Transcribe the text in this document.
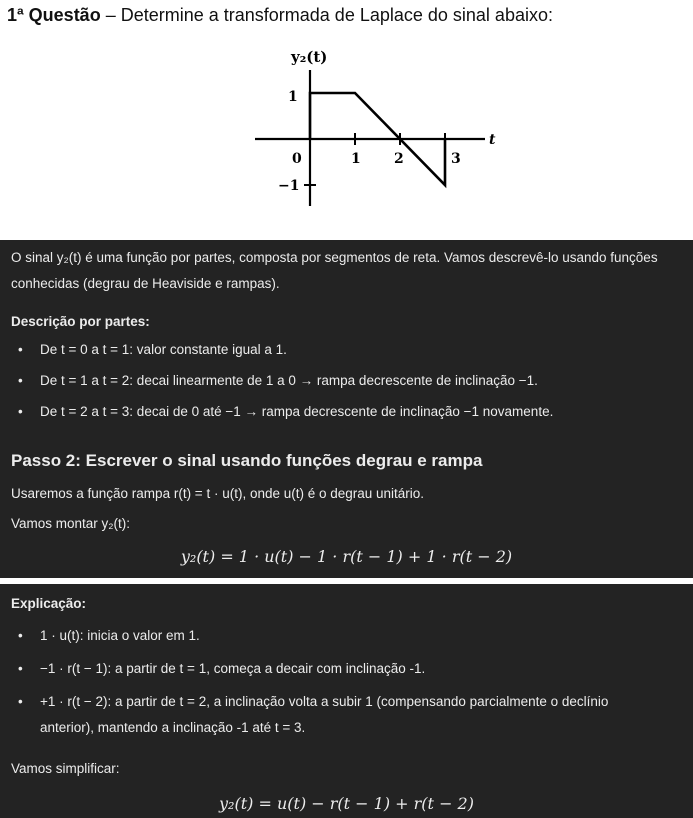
1ª Questão – Determine a transformada de Laplace do sinal abaixo:
y₂(t)
t
1
−1
0	1 2	3
O sinal y₂(t) é uma função por partes, composta por segmentos de reta. Vamos descrevê-lo usando funções
conhecidas (degrau de Heaviside e rampas).
Descrição por partes:
• De t = 0 a t = 1: valor constante igual a 1.
• De t = 1 a t = 2: decai linearmente de 1 a 0 → rampa decrescente de inclinação −1.
• De t = 2 a t = 3: decai de 0 até −1 → rampa decrescente de inclinação −1 novamente.
Passo 2: Escrever o sinal usando funções degrau e rampa
Usaremos a função rampa r(t) = t · u(t), onde u(t) é o degrau unitário.
Vamos montar y₂(t):
y₂(t) = 1 · u(t) − 1 · r(t − 1) + 1 · r(t − 2)
Explicação:
• 1 · u(t): inicia o valor em 1.
• −1 · r(t − 1): a partir de t = 1, começa a decair com inclinação -1.
• +1 · r(t − 2): a partir de t = 2, a inclinação volta a subir 1 (compensando parcialmente o declínio
anterior), mantendo a inclinação -1 até t = 3.
Vamos simplificar:
y₂(t) = u(t) − r(t − 1) + r(t − 2)
